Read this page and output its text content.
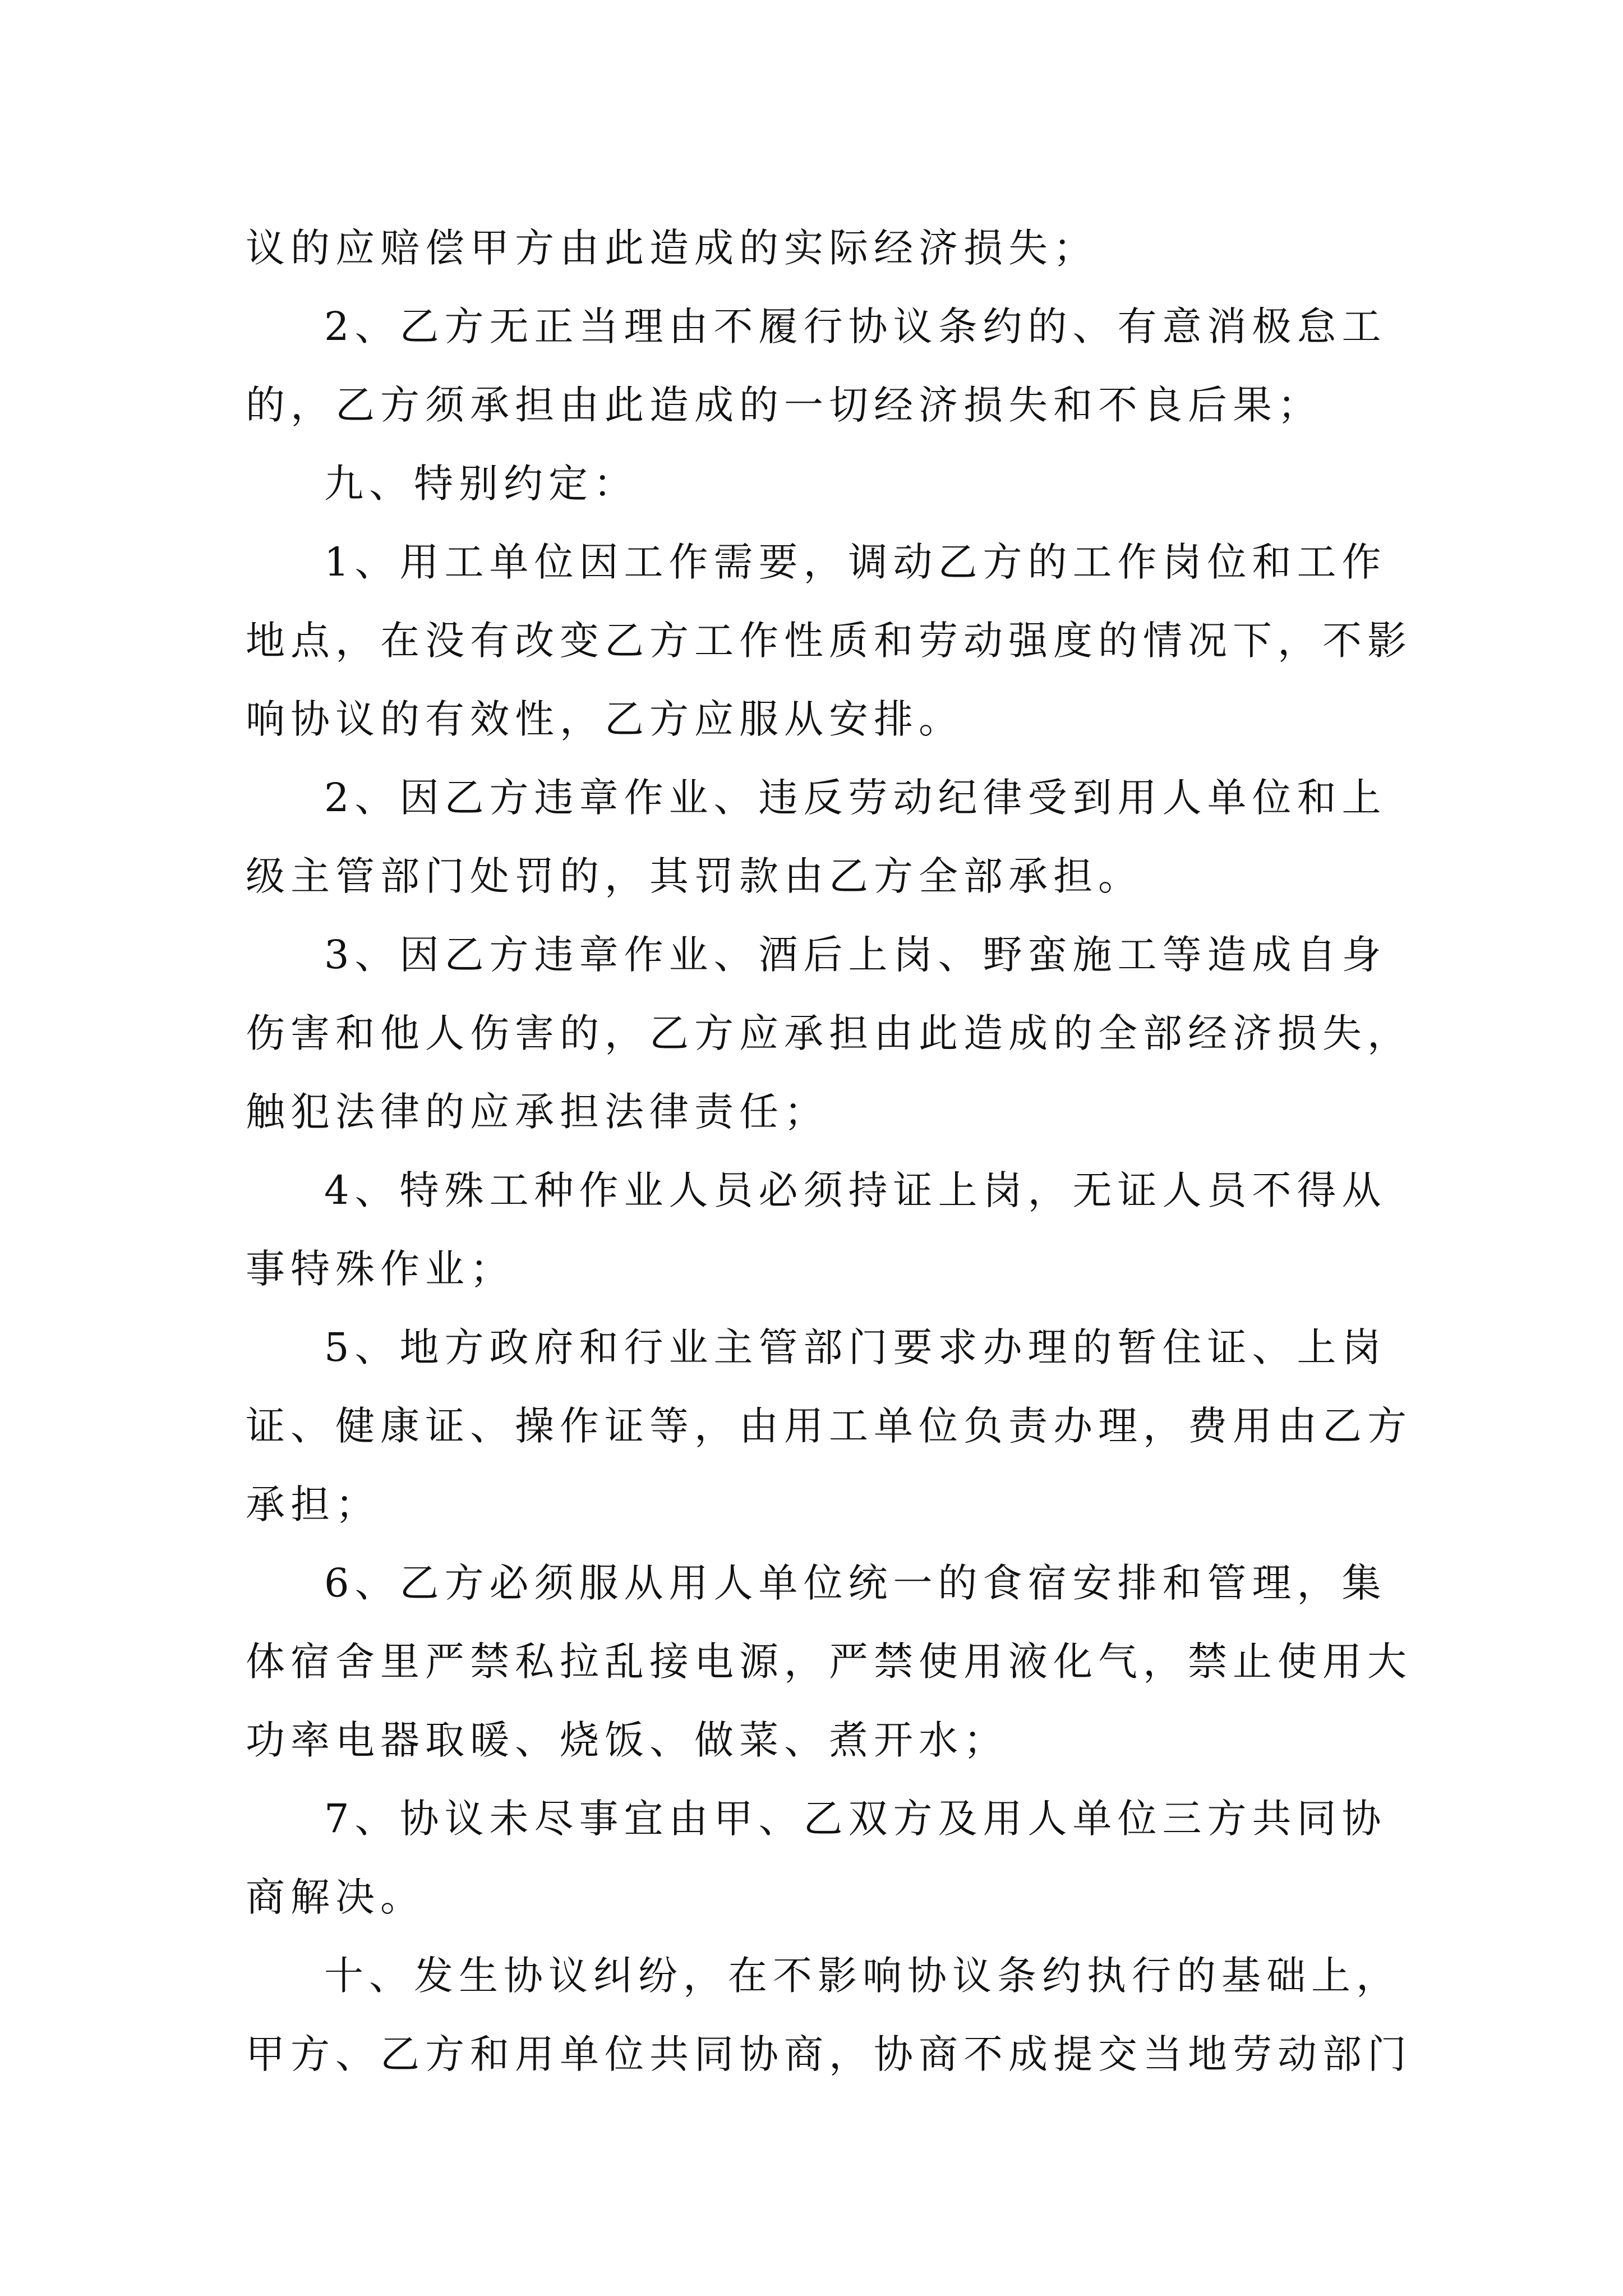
议的应赔偿甲方由此造成的实际经济损失；
2、乙方无正当理由不履行协议条约的、有意消极怠工
的，乙方须承担由此造成的一切经济损失和不良后果；
九、特别约定：
1、用工单位因工作需要，调动乙方的工作岗位和工作
地点，在没有改变乙方工作性质和劳动强度的情况下，不影
响协议的有效性，乙方应服从安排。
2、因乙方违章作业、违反劳动纪律受到用人单位和上
级主管部门处罚的，其罚款由乙方全部承担。
3、因乙方违章作业、酒后上岗、野蛮施工等造成自身
伤害和他人伤害的，乙方应承担由此造成的全部经济损失，
触犯法律的应承担法律责任；
4、特殊工种作业人员必须持证上岗，无证人员不得从
事特殊作业；
5、地方政府和行业主管部门要求办理的暂住证、上岗
证、健康证、操作证等，由用工单位负责办理，费用由乙方
承担；
6、乙方必须服从用人单位统一的食宿安排和管理，集
体宿舍里严禁私拉乱接电源，严禁使用液化气，禁止使用大
功率电器取暖、烧饭、做菜、煮开水；
7、协议未尽事宜由甲、乙双方及用人单位三方共同协
商解决。
十、发生协议纠纷，在不影响协议条约执行的基础上，
甲方、乙方和用单位共同协商，协商不成提交当地劳动部门
